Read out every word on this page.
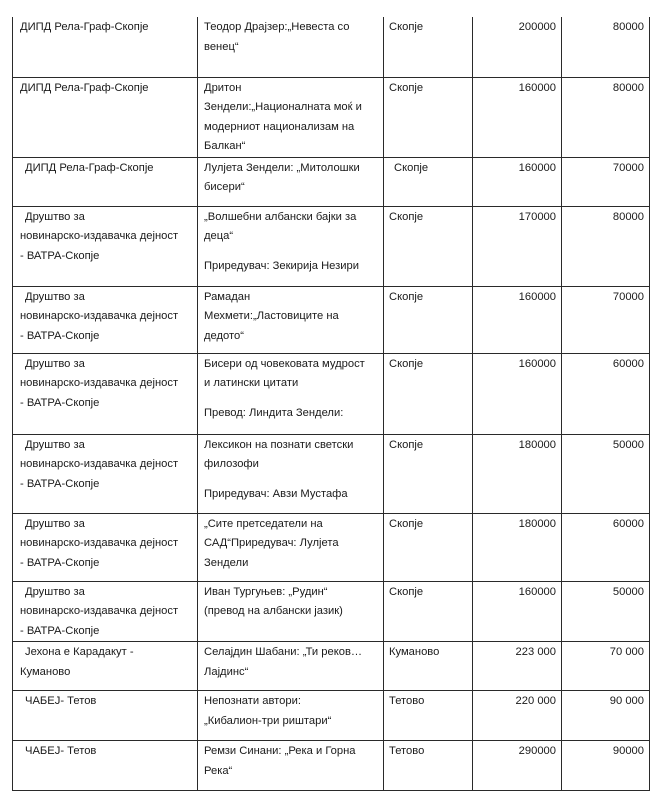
ДИПД Рела-Граф-Скопје	Теодор Драјзер:„Невеста со
венец“	Скопје	200000	80000

ДИПД Рела-Граф-Скопје	Дритон
Зендели:„Националната моќ и
модерниот национализам на
Балкан“	Скопје	160000	80000

ДИПД Рела-Граф-Скопје	Лулјета Зендели: „Митолошки
бисери“	Скопје	160000	70000

Друштво за
новинарско-издавачка дејност
- ВАТРА-Скопје	„Волшебни албански бајки за
деца“
Приредувач: Зекирија Незири	Скопје	170000	80000

Друштво за
новинарско-издавачка дејност
- ВАТРА-Скопје	Рамадан
Мехмети:„Ластовиците на
дедото“	Скопје	160000	70000

Друштво за
новинарско-издавачка дејност
- ВАТРА-Скопје	Бисери од човековата мудрост
и латински цитати
Превод: Линдита Зендели:	Скопје	160000	60000

Друштво за
новинарско-издавачка дејност
- ВАТРА-Скопје	Лексикон на познати светски
филозофи
Приредувач: Авзи Мустафа	Скопје	180000	50000

Друштво за
новинарско-издавачка дејност
- ВАТРА-Скопје	„Сите претседатели на
САД“Приредувач: Лулјета
Зендели	Скопје	180000	60000

Друштво за
новинарско-издавачка дејност
- ВАТРА-Скопје	Иван Тургуњев: „Рудин“
(превод на албански јазик)	Скопје	160000	50000

Јехона е Карадакут -
Куманово	Селајдин Шабани: „Ти реков…
Лајдинс“	Куманово	223 000	70 000

ЧАБЕЈ- Тетов	Непознати автори:
„Кибалион-три риштари“	Тетово	220 000	90 000

ЧАБЕЈ- Тетов	Ремзи Синани: „Река и Горна
Река“	Тетово	290000	90000
